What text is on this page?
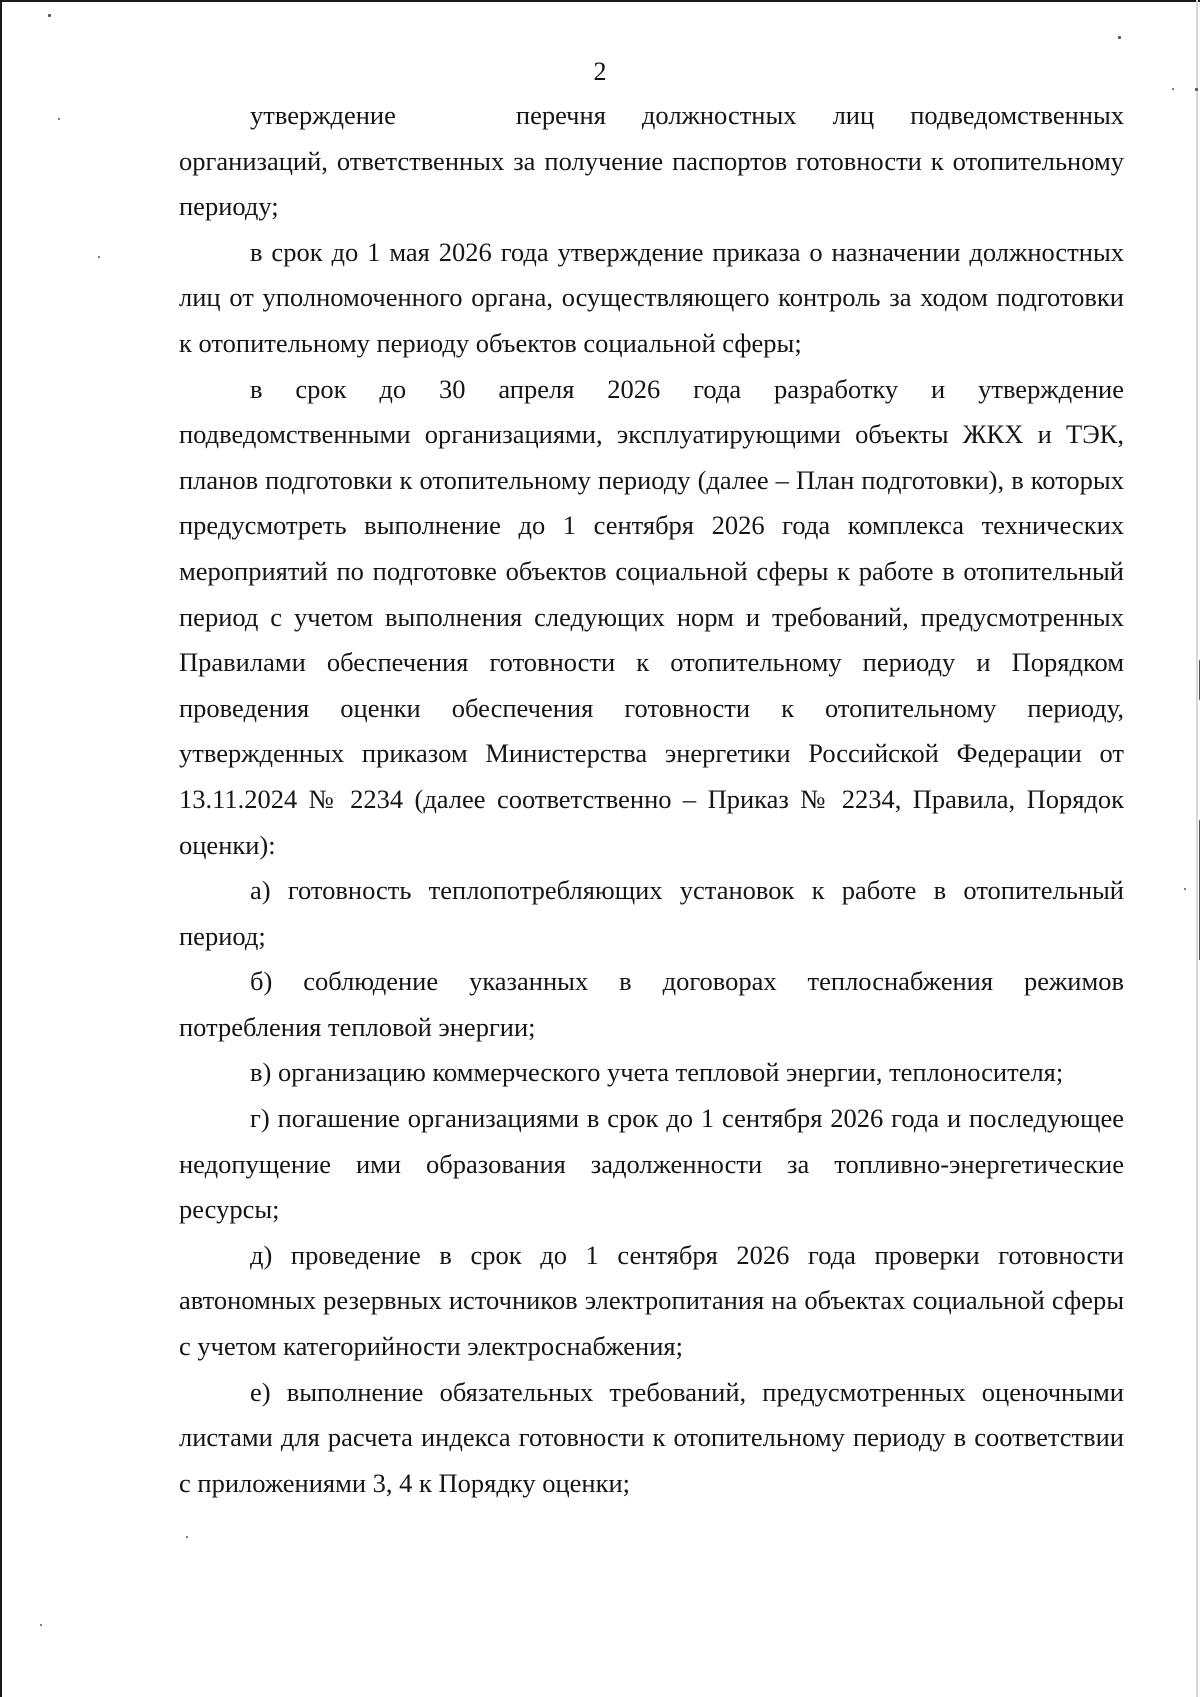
2

утверждение	перечня должностных лиц подведомственных организаций, ответственных за получение паспортов готовности к отопительному периоду;

в срок до 1 мая 2026 года утверждение приказа о назначении должностных лиц от уполномоченного органа, осуществляющего контроль за ходом подготовки к отопительному периоду объектов социальной сферы;

в срок до 30 апреля 2026 года разработку и утверждение подведомственными организациями, эксплуатирующими объекты ЖКХ и ТЭК, планов подготовки к отопительному периоду (далее – План подготовки), в которых предусмотреть выполнение до 1 сентября 2026 года комплекса технических мероприятий по подготовке объектов социальной сферы к работе в отопительный период с учетом выполнения следующих норм и требований, предусмотренных Правилами обеспечения готовности к отопительному периоду и Порядком проведения оценки обеспечения готовности к отопительному периоду, утвержденных приказом Министерства энергетики Российской Федерации от 13.11.2024 № 2234 (далее соответственно – Приказ № 2234, Правила, Порядок оценки):

а) готовность теплопотребляющих установок к работе в отопительный период;

б) соблюдение указанных в договорах теплоснабжения режимов потребления тепловой энергии;

в) организацию коммерческого учета тепловой энергии, теплоносителя;

г) погашение организациями в срок до 1 сентября 2026 года и последующее недопущение ими образования задолженности за топливно-энергетические ресурсы;

д) проведение в срок до 1 сентября 2026 года проверки готовности автономных резервных источников электропитания на объектах социальной сферы с учетом категорийности электроснабжения;

е) выполнение обязательных требований, предусмотренных оценочными листами для расчета индекса готовности к отопительному периоду в соответствии с приложениями 3, 4 к Порядку оценки;
